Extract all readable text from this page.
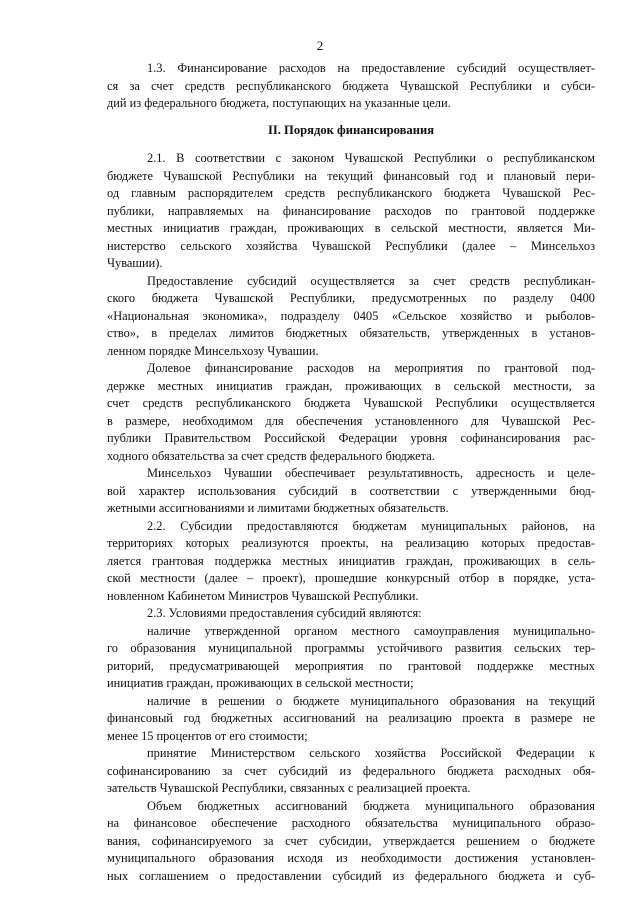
2
1.3. Финансирование расходов на предоставление субсидий осуществляет-
ся за счет средств республиканского бюджета Чувашской Республики и субси-
дий из федерального бюджета, поступающих на указанные цели.
II. Порядок финансирования
2.1. В соответствии с законом Чувашской Республики о республиканском
бюджете Чувашской Республики на текущий финансовый год и плановый пери-
од главным распорядителем средств республиканского бюджета Чувашской Рес-
публики, направляемых на финансирование расходов по грантовой поддержке
местных инициатив граждан, проживающих в сельской местности, является Ми-
нистерство сельского хозяйства Чувашской Республики (далее – Минсельхоз
Чувашии).
Предоставление субсидий осуществляется за счет средств республикан-
ского бюджета Чувашской Республики, предусмотренных по разделу 0400
«Национальная экономика», подразделу 0405 «Сельское хозяйство и рыболов-
ство», в пределах лимитов бюджетных обязательств, утвержденных в установ-
ленном порядке Минсельхозу Чувашии.
Долевое финансирование расходов на мероприятия по грантовой под-
держке местных инициатив граждан, проживающих в сельской местности, за
счет средств республиканского бюджета Чувашской Республики осуществляется
в размере, необходимом для обеспечения установленного для Чувашской Рес-
публики Правительством Российской Федерации уровня софинансирования рас-
ходного обязательства за счет средств федерального бюджета.
Минсельхоз Чувашии обеспечивает результативность, адресность и целе-
вой характер использования субсидий в соответствии с утвержденными бюд-
жетными ассигнованиями и лимитами бюджетных обязательств.
2.2. Субсидии предоставляются бюджетам муниципальных районов, на
территориях которых реализуются проекты, на реализацию которых предостав-
ляется грантовая поддержка местных инициатив граждан, проживающих в сель-
ской местности (далее – проект), прошедшие конкурсный отбор в порядке, уста-
новленном Кабинетом Министров Чувашской Республики.
2.3. Условиями предоставления субсидий являются:
наличие утвержденной органом местного самоуправления муниципально-
го образования муниципальной программы устойчивого развития сельских тер-
риторий, предусматривающей мероприятия по грантовой поддержке местных
инициатив граждан, проживающих в сельской местности;
наличие в решении о бюджете муниципального образования на текущий
финансовый год бюджетных ассигнований на реализацию проекта в размере не
менее 15 процентов от его стоимости;
принятие Министерством сельского хозяйства Российской Федерации к
софинансированию за счет субсидий из федерального бюджета расходных обя-
зательств Чувашской Республики, связанных с реализацией проекта.
Объем бюджетных ассигнований бюджета муниципального образования
на финансовое обеспечение расходного обязательства муниципального образо-
вания, софинансируемого за счет субсидии, утверждается решением о бюджете
муниципального образования исходя из необходимости достижения установлен-
ных соглашением о предоставлении субсидий из федерального бюджета и суб-
